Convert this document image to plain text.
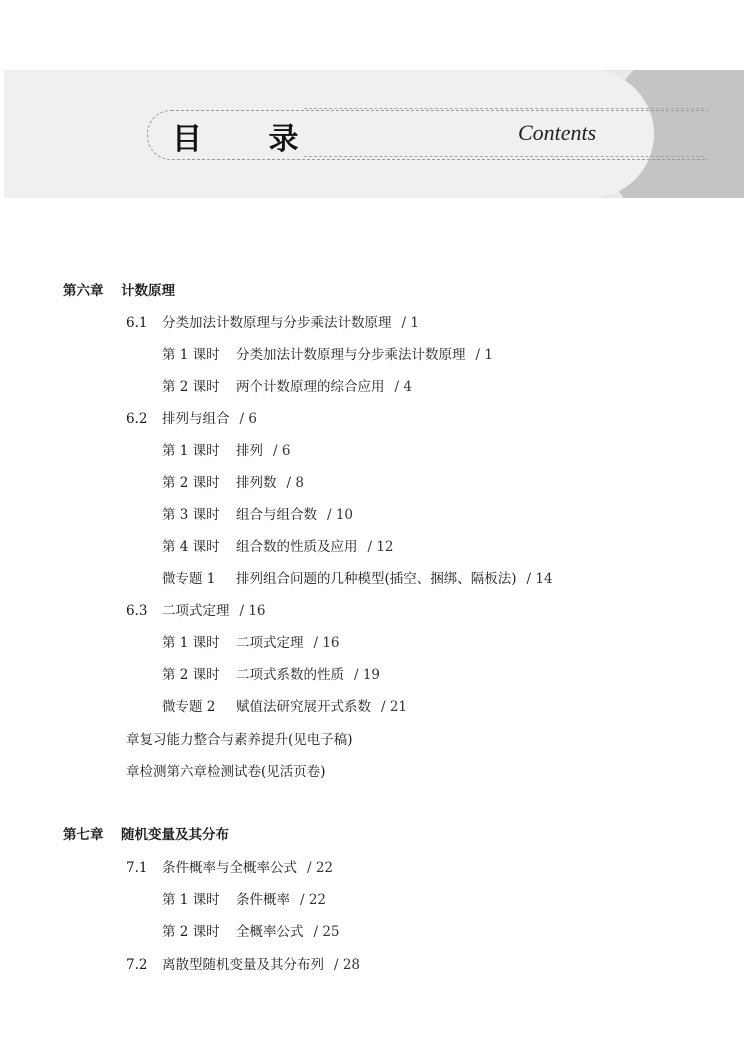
目 录	Contents
第六章 计数原理
6.1 分类加法计数原理与分步乘法计数原理 / 1
第 1 课时 分类加法计数原理与分步乘法计数原理 / 1
第 2 课时 两个计数原理的综合应用 / 4
6.2 排列与组合 / 6
第 1 课时 排列 / 6
第 2 课时 排列数 / 8
第 3 课时 组合与组合数 / 10
第 4 课时 组合数的性质及应用 / 12
微专题 1 排列组合问题的几种模型(插空、捆绑、隔板法) / 14
6.3 二项式定理 / 16
第 1 课时 二项式定理 / 16
第 2 课时 二项式系数的性质 / 19
微专题 2 赋值法研究展开式系数 / 21
章复习能力整合与素养提升(见电子稿)
章检测第六章检测试卷(见活页卷)
第七章 随机变量及其分布
7.1 条件概率与全概率公式 / 22
第 1 课时 条件概率 / 22
第 2 课时 全概率公式 / 25
7.2 离散型随机变量及其分布列 / 28
